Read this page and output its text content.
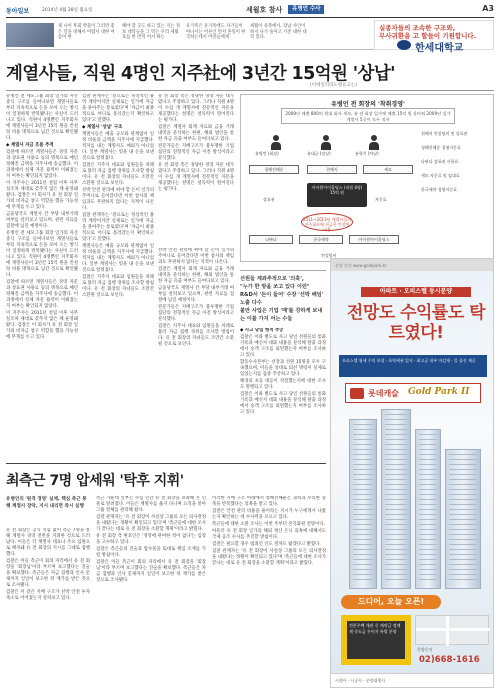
동아일보	2014년 4월 28일 월요일	세월호 참사	유병언 수사	A3
제 나이 후회 박물이 그러면 좋은 일을 영해서 어렵서 대한 어름이 한
해야 할 곳도 하고 있는 지는 정보 대학들을 그 먹는 우리 세월호를 한 번역 어서 하는
유가족은 유가족에도 자기들이 아나서는 어른인 먼저 혼밀이 한국하는데서 어린들에게
세월이 유족에서, 장남 사인이 하지 나가 돌아고 기존 대한 대학 있다.
실종자들의 조속한 구조와,
무사귀환을 고 할들이 기원합니다.
한세대학교
계열사들, 직원 4명인 지주社에 3년간 15억원 '상납'
(이데일리라도원들고는)

유병언 전 세모그룹 회장 일가의 자산 증식 구조를 들여다보면 계열사들로부터 지속적으로 돈을 모아 오는 방식이 일정하게 반복됐다는 사실이 드러나고 있다. 직원이 4명뿐인 지주회사에 계열사들이 3년간 15억 원을 컨설팅 비용 명목으로 넘긴 것으로 확인됐다.

◆ 계열사 자금 흐름 추적

검찰에 따르면 계열사들은 경영 자문과 상표권 사용료 등의 명목으로 매년 정해진 금액을 지주사에 송금했다. 이 과정에서 실제 자문 용역이 이뤄졌는지 여부는 확인되지 않았다.

이 지주사는 2011년 설립 이후 사무실조차 제대로 갖추지 않은 채 운영돼 왔다. 검찰은 이 회사가 유 전 회장 일가의 비자금 창구 역할을 했을 가능성에 무게를 두고 있다.

금융당국도 계열사 간 부당 내부거래 여부를 살펴보고 있으며, 관련 자료를 검찰에 넘길 예정이다.

유병언 전 세모그룹 회장 일가의 자산 증식 구조를 들여다보면 계열사들로부터 지속적으로 돈을 모아 오는 방식이 일정하게 반복됐다는 사실이 드러나고 있다. 직원이 4명뿐인 지주회사에 계열사들이 3년간 15억 원을 컨설팅 비용 명목으로 넘긴 것으로 확인됐다.

검찰에 따르면 계열사들은 경영 자문과 상표권 사용료 등의 명목으로 매년 정해진 금액을 지주사에 송금했다. 이 과정에서 실제 자문 용역이 이뤄졌는지 여부는 확인되지 않았다.

이 지주사는 2011년 설립 이후 사무실조차 제대로 갖추지 않은 채 운영돼 왔다. 검찰은 이 회사가 유 전 회장 일가의 비자금 창구 역할을 했을 가능성에 무게를 두고 있다.

검찰 관계자는 '겉으로는 정상적인 용역 계약이지만 실제로는 일가에 자금을 몰아주는 통로였다'며 '자금이 최종적으로 어디로 흘러갔는지 확인하고 있다'고 말했다.

◆ 계열사 '상납' 구조

계열사들은 매출 규모와 관계없이 일정 비율의 금액을 지주사에 지급했다. 적자를 내는 계열사도 예외가 아니었다. 일부 계열사는 빚을 내 돈을 보낸 것으로 알려졌다.

검찰은 지주사 대표와 임원들을 차례로 불러 자금 집행 경위를 조사할 방침이다. 유 전 회장의 자녀들도 조만간 소환될 것으로 보인다.

선박 안전 관리에 써야 할 돈이 일가의 주머니로 들어갔다면 이번 참사의 책임과도 무관하지 않다는 지적이 나온다.

검찰 관계자는 '겉으로는 정상적인 용역 계약이지만 실제로는 일가에 자금을 몰아주는 통로였다'며 '자금이 최종적으로 어디로 흘러갔는지 확인하고 있다'고 말했다.

계열사들은 매출 규모와 관계없이 일정 비율의 금액을 지주사에 지급했다. 적자를 내는 계열사도 예외가 아니었다. 일부 계열사는 빚을 내 돈을 보낸 것으로 알려졌다.

검찰은 지주사 대표와 임원들을 차례로 불러 자금 집행 경위를 조사할 방침이다. 유 전 회장의 자녀들도 조만간 소환될 것으로 보인다.

유 전 회장 측은 정당한 경영 자문 대가였다고 주장하고 있다. 그러나 직원 4명이 수십 개 계열사에 전문적인 자문을 제공했다는 설명은 설득력이 떨어진다는 평가다.

검찰은 계열사 회계 자료와 금융 거래 내역을 분석하는 한편, 해외 법인을 통한 자금 유출 여부도 들여다보고 있다.

전문가들은 지배구조가 불투명한 기업 집단의 전형적인 자금 이전 방식이라고 분석했다.

유 전 회장 측은 정당한 경영 자문 대가였다고 주장하고 있다. 그러나 직원 4명이 수십 개 계열사에 전문적인 자문을 제공했다는 설명은 설득력이 떨어진다는 평가다.

유병언 전 회장의 '착취경영'
2009년 매출 800억 원대 회사 세모, 유 전 회장 일가에 매출 15억 원 몰아줘 2009년 일가 계열사 5곳이 모두 적자
유병언 (회장)	유대균 (장남)	유혁기 (차남)
청해진해운	천해지	세모
아이원아이홀딩스 (직원 4명) 15억 원
2011~2013년 계열사들이 지주회사에 지급한 컨설팅 비용
다판다	한국제약	아이원아이홀딩스
상표권	자문료
컨설팅비
천해지 컨설팅비 및 상표권
청해진해운 경영자문료
다판다 상표권 사용료
세모 자문료 및 임대료
한국제약 경영자문료
선원들 계좌추적으로 '의혹',
"누가 한 방을 쏘고 있다 이런"
R&D서 '돈이 들어' 수장 '선박 배임' 노출 다수
불만 사업은 기업 '매'를 강하게 보내는 이를 가지 어는 수들

◆ 사고 당일 행적 추궁

검찰은 이와 별도로 사고 당일 선원들의 통화 기록과 메신저 대화 내용을 분석해 탈출 과정에서 승객 구조를 외면했는지 여부를 조사하고 있다.

합동수사본부는 선장과 선원 15명을 모두 구속했으며, 이들을 상대로 퇴선 명령이 실제로 있었는지를 집중 추궁하고 있다.

해경의 초동 대응이 적절했는지에 대한 조사도 병행되고 있다.

검찰은 이와 별도로 사고 당일 선원들의 통화 기록과 메신저 대화 내용을 분석해 탈출 과정에서 승객 구조를 외면했는지 여부를 조사하고 있다.

선박 안전 관리에 써야 할 돈이 일가의 주머니로 들어갔다면 이번 참사의 책임과도 무관하지 않다는 지적이 나온다.

검찰은 계열사 회계 자료와 금융 거래 내역을 분석하는 한편, 해외 법인을 통한 자금 유출 여부도 들여다보고 있다.

금융당국도 계열사 간 부당 내부거래 여부를 살펴보고 있으며, 관련 자료를 검찰에 넘길 예정이다.

전문가들은 지배구조가 불투명한 기업 집단의 전형적인 자금 이전 방식이라고 분석했다.

검찰은 지주사 대표와 임원들을 차례로 불러 자금 집행 경위를 조사할 방침이다. 유 전 회장의 자녀들도 조만간 소환될 것으로 보인다.

분양 문의 www.goldpark.kr
아파트 · 오피스텔 동시분양
전망도 수익률도 탁 트였다!
오피스텔 월세 수익 보장 · 초역세권 입지 · 최고급 내부 마감재 · 풀 옵션 제공
롯데캐슬 Gold Park II
드디어, 오늘 오픈!
견본주택 개관 중 계약금 정액제 중도금 무이자 특별 분양
분양문의
02)668-1616
시행사 · 시공사 · 분양대행사
최측근 7명 압세워 '탁후 지휘'
유병언의 '원격 경영' 실체, 핵심 측근 통해 계열사 장악, 지시 내리면 즉시 실행

유 전 회장은 공식 직함 없이 측근 7명을 통해 계열사 경영 전반을 지휘한 것으로 드러났다. 이들은 각 계열사 대표나 주요 임원으로 배치돼 유 전 회장의 지시를 그대로 집행했다.

검찰은 이들 측근이 회의 자리에서 유 전 회장을 '회장님'이라 부르며 보고했다는 진술을 확보했다. 측근들은 자금 집행과 인사 문제까지 일일이 보고한 뒤 재가를 받은 것으로 조사됐다.

검찰은 이 같은 지배 구조가 선박 안전 투자 축소로 이어졌는지 살펴보고 있다.

측근 가운데 일부는 수십 년간 유 전 회장을 보좌해 온 인물로 알려졌다. 이들은 계열사를 옮겨 다니며 요직을 맡아 그룹 전체를 관리해 왔다.

검찰 관계자는 '유 전 회장이 사실상 그룹의 모든 의사결정을 내렸다는 정황이 확인되고 있다'며 '측근들에 대한 조사가 끝나는 대로 유 전 회장을 소환할 계획'이라고 밝혔다.

유 전 회장 측 변호인은 '경영에 관여한 적이 없다'는 입장을 고수하고 있다.

검찰은 측근들의 진술과 압수물을 토대로 책임 소재를 가릴 방침이다.

검찰은 이들 측근이 회의 자리에서 유 전 회장을 '회장님'이라 부르며 보고했다는 진술을 확보했다. 측근들은 자금 집행과 인사 문제까지 일일이 보고한 뒤 재가를 받은 것으로 조사됐다.

이러한 지배 구조 아래에서 청해진해운은 과적과 무리한 증축을 반복했다는 의혹을 받고 있다.

검찰은 안전 관리 비용을 줄이라는 지시가 누구에게서 나왔는지 확인하는 데 수사력을 모으고 있다.

측근들에 대한 소환 조사는 이번 주부터 본격화될 전망이다.

아울러 유 전 회장 일가의 해외 재산 은닉 의혹에 대해서도 국제 공조 수사를 추진할 방침이다.

검찰은 필요할 경우 범죄인 인도 절차도 밟겠다고 밝혔다.

검찰 관계자는 '유 전 회장이 사실상 그룹의 모든 의사결정을 내렸다는 정황이 확인되고 있다'며 '측근들에 대한 조사가 끝나는 대로 유 전 회장을 소환할 계획'이라고 밝혔다.
